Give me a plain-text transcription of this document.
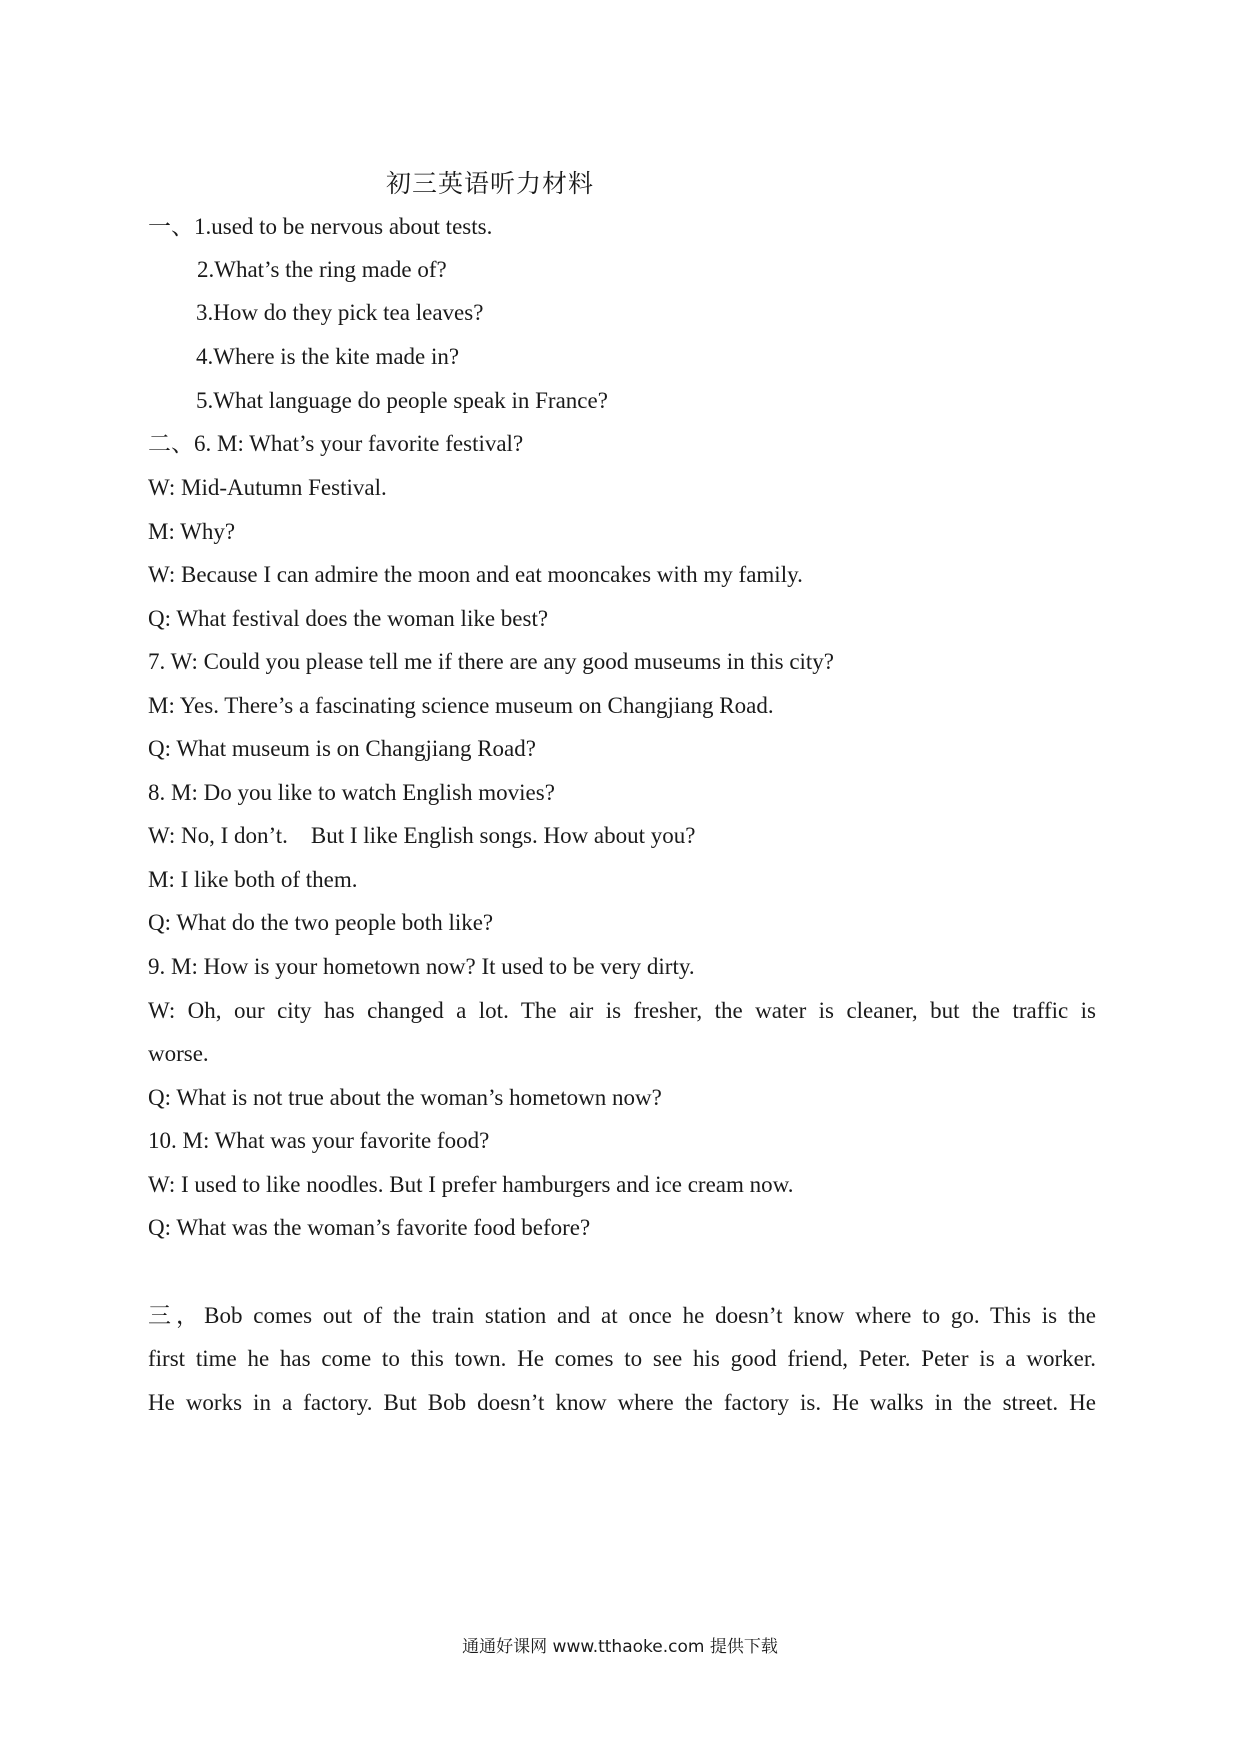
初三英语听力材料
一、1.used to be nervous about tests.
2.What’s the ring made of?
3.How do they pick tea leaves?
4.Where is the kite made in?
5.What language do people speak in France?
二、6. M: What’s your favorite festival?
W: Mid-Autumn Festival.
M: Why?
W: Because I can admire the moon and eat mooncakes with my family.
Q: What festival does the woman like best?
7. W: Could you please tell me if there are any good museums in this city?
M: Yes. There’s a fascinating science museum on Changjiang Road.
Q: What museum is on Changjiang Road?
8. M: Do you like to watch English movies?
W: No, I don’t.    But I like English songs. How about you?
M: I like both of them.
Q: What do the two people both like?
9. M: How is your hometown now? It used to be very dirty.
W: Oh, our city has changed a lot. The air is fresher, the water is cleaner, but the traffic is
worse.
Q: What is not true about the woman’s hometown now?
10. M: What was your favorite food?
W: I used to like noodles. But I prefer hamburgers and ice cream now.
Q: What was the woman’s favorite food before?
三，Bob comes out of the train station and at once he doesn’t know where to go. This is the
first time he has come to this town. He comes to see his good friend, Peter. Peter is a worker.
He works in a factory. But Bob doesn’t know where the factory is. He walks in the street. He
通通好课网 www.tthaoke.com 提供下载
